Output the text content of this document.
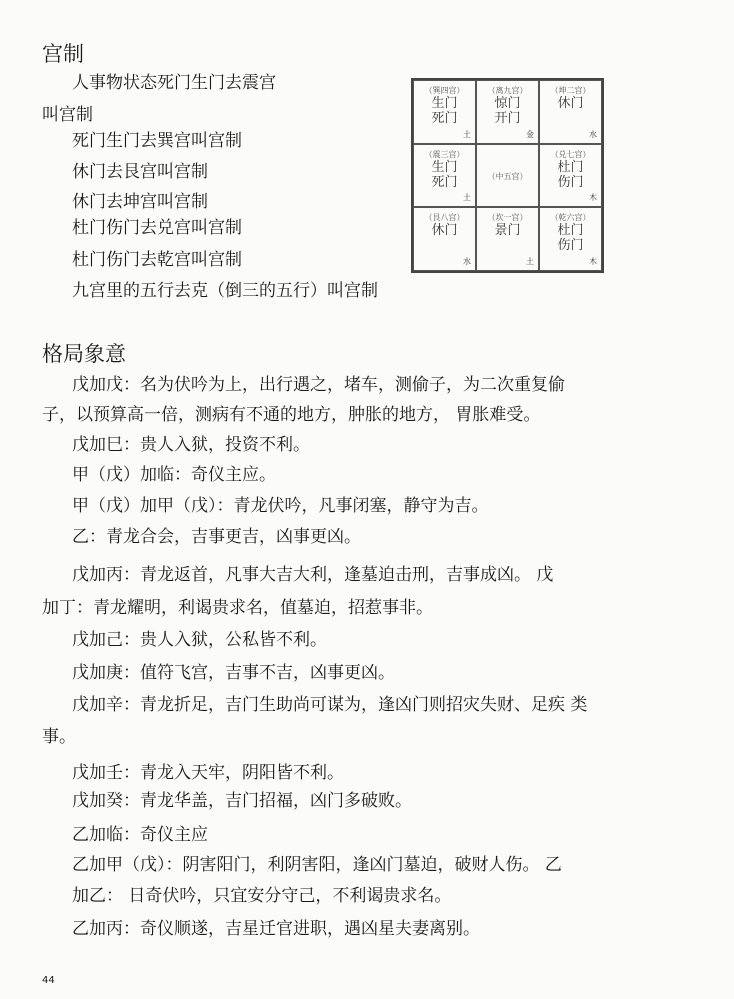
宫制
（巽四宫）
生门
死门
土
（离九宫）
惊门
开门
金
（坤二宫）
休门
水
（震三宫）
生门
死门
土
（中五宫）
（兑七宫）
杜门
伤门
木
（艮八宫）
休门
水
（坎一宫）
景门
土
（乾六宫）
杜门
伤门
木
格局象意
44
人事物状态死门生门去震宫
叫宫制
死门生门去巽宫叫宫制
休门去艮宫叫宫制
休门去坤宫叫宫制
杜门伤门去兑宫叫宫制
杜门伤门去乾宫叫宫制
九宫里的五行去克（倒三的五行）叫宫制
戊加戊：名为伏吟为上，出行遇之，堵车，测偷子，为二次重复偷
子，以预算高一倍，测病有不通的地方，肿胀的地方， 胃胀难受。
戊加巳：贵人入狱，投资不利。
甲（戊）加临：奇仪主应。
甲（戊）加甲（戊）：青龙伏吟，凡事闭塞，静守为吉。
乙：青龙合会，吉事更吉，凶事更凶。
戊加丙：青龙返首，凡事大吉大利，逢墓迫击刑，吉事成凶。 戊
加丁：青龙耀明，利谒贵求名，值墓迫，招惹事非。
戊加己：贵人入狱，公私皆不利。
戊加庚：值符飞宫，吉事不吉，凶事更凶。
戊加辛：青龙折足，吉门生助尚可谋为，逢凶门则招灾失财、足疾 类
事。
戊加壬：青龙入天牢，阴阳皆不利。
戊加癸：青龙华盖，吉门招福，凶门多破败。
乙加临：奇仪主应
乙加甲（戊）：阴害阳门，利阴害阳，逢凶门墓迫，破财人伤。 乙
加乙： 日奇伏吟，只宜安分守己，不利谒贵求名。
乙加丙：奇仪顺遂，吉星迁官进职，遇凶星夫妻离别。
